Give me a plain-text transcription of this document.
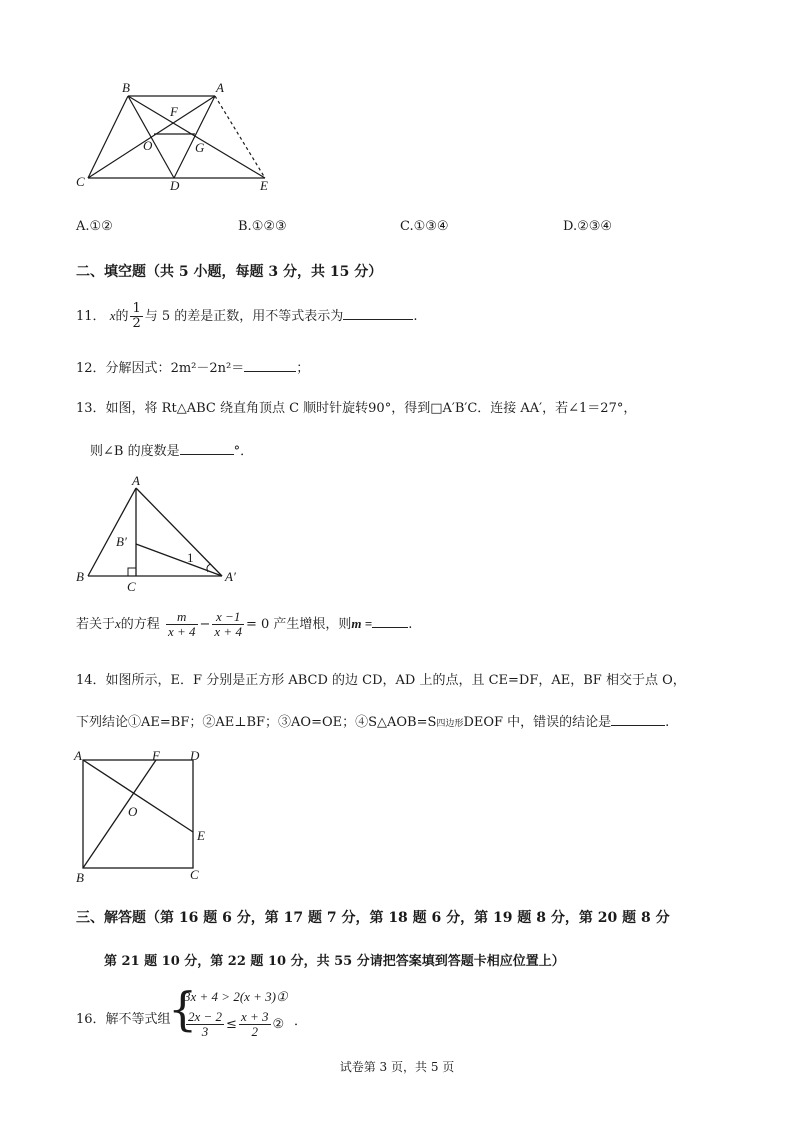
B	A
F
O	G
C	D	E
A.①②	B.①②③	C.①③④	D.②③④
二、填空题（共 5 小题，每题 3 分，共 15 分）
11． x的 $\frac{1}{2}$ 与 5 的差是正数，用不等式表示为	.
12．分解因式：2m²－2n²＝	；
13．如图，将 Rt△ABC 绕直角顶点 C 顺时针旋转90°，得到□A′B′C．连接 AA′，若∠1＝27°，
则∠B 的度数是	°．
A
B′
1
B
C
A′
若关于x的方程 $\frac{m}{x + 4} - \frac{x -1}{x + 4} = 0$ 产生增根，则m =	.
14．如图所示，E．F 分别是正方形 ABCD 的边 CD，AD 上的点，且 CE=DF，AE，BF 相交于点 O，
下列结论①AE=BF；②AE⊥BF；③AO=OE；④S△AOB=S四边形DEOF 中，错误的结论是	.
A	F D
O
E
B	C
三、解答题（第 16 题 6 分，第 17 题 7 分，第 18 题 6 分，第 19 题 8 分，第 20 题 8 分
第 21 题 10 分，第 22 题 10 分，共 55 分请把答案填到答题卡相应位置上）
16．解不等式组
{
3x + 4 > 2(x + 3)①
$\frac{2x - 2}{3} \le \frac{x + 3}{2}$ ② ．
试卷第 3 页，共 5 页
